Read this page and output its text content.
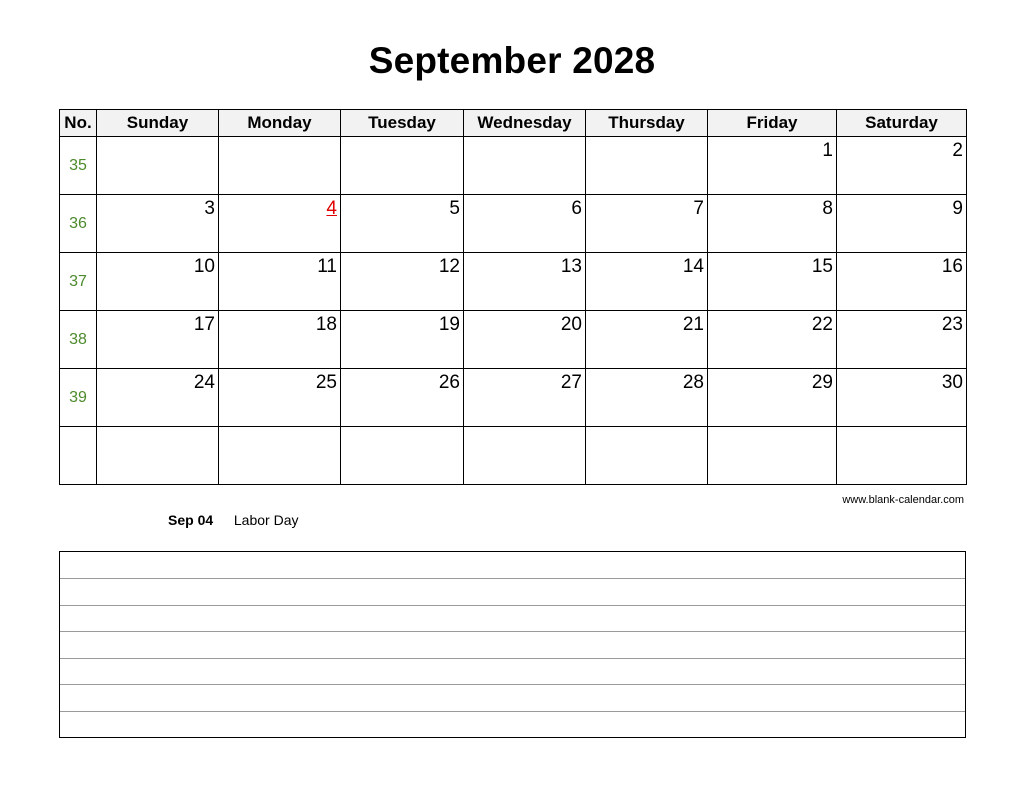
September 2028
No.	Sunday	Monday	Tuesday	Wednesday	Thursday	Friday	Saturday
35						1	2

36	3	4	5	6	7	8	9

37	10	11	12	13	14	15	16

38	17	18	19	20	21	22	23

39	24	25	26	27	28	29	30

www.blank-calendar.com
Sep 04 Labor Day
